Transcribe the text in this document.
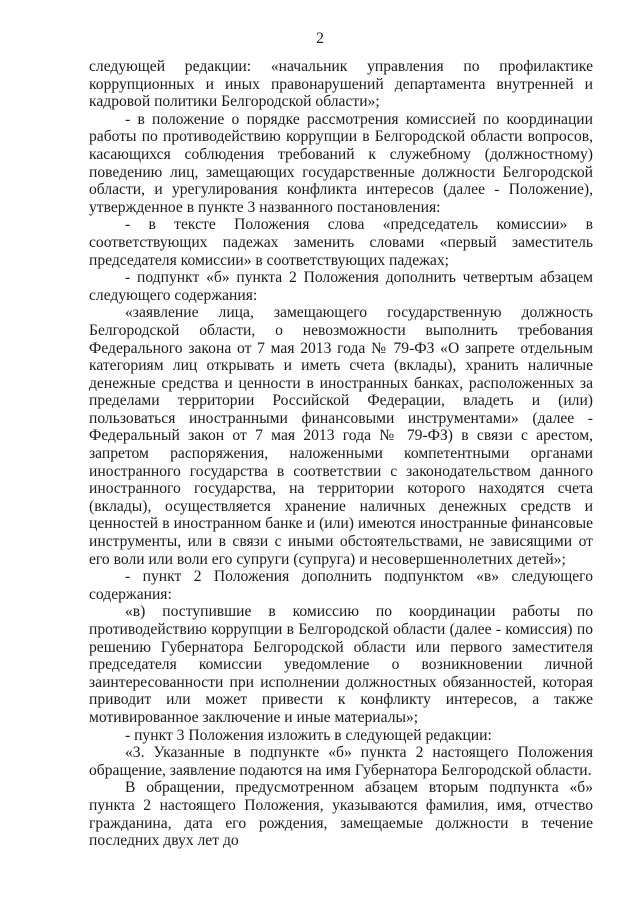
2

следующей редакции: «начальник управления по профилактике коррупционных и иных правонарушений департамента внутренней и кадровой политики Белгородской области»;

- в положение о порядке рассмотрения комиссией по координации работы по противодействию коррупции в Белгородской области вопросов, касающихся соблюдения требований к служебному (должностному) поведению лиц, замещающих государственные должности Белгородской области, и урегулирования конфликта интересов (далее - Положение), утвержденное в пункте 3 названного постановления:

- в тексте Положения слова «председатель комиссии» в соответствующих падежах заменить словами «первый заместитель председателя комиссии» в соответствующих падежах;

- подпункт «б» пункта 2 Положения дополнить четвертым абзацем следующего содержания:

«заявление лица, замещающего государственную должность Белгородской области, о невозможности выполнить требования Федерального закона от 7 мая 2013 года № 79-ФЗ «О запрете отдельным категориям лиц открывать и иметь счета (вклады), хранить наличные денежные средства и ценности в иностранных банках, расположенных за пределами территории Российской Федерации, владеть и (или) пользоваться иностранными финансовыми инструментами» (далее - Федеральный закон от 7 мая 2013 года № 79-ФЗ) в связи с арестом, запретом распоряжения, наложенными компетентными органами иностранного государства в соответствии с законодательством данного иностранного государства, на территории которого находятся счета (вклады), осуществляется хранение наличных денежных средств и ценностей в иностранном банке и (или) имеются иностранные финансовые инструменты, или в связи с иными обстоятельствами, не зависящими от его воли или воли его супруги (супруга) и несовершеннолетних детей»;

- пункт 2 Положения дополнить подпунктом «в» следующего содержания:

«в) поступившие в комиссию по координации работы по противодействию коррупции в Белгородской области (далее - комиссия) по решению Губернатора Белгородской области или первого заместителя председателя комиссии уведомление о возникновении личной заинтересованности при исполнении должностных обязанностей, которая приводит или может привести к конфликту интересов, а также мотивированное заключение и иные материалы»;

- пункт 3 Положения изложить в следующей редакции:

«3. Указанные в подпункте «б» пункта 2 настоящего Положения обращение, заявление подаются на имя Губернатора Белгородской области.

В обращении, предусмотренном абзацем вторым подпункта «б» пункта 2 настоящего Положения, указываются фамилия, имя, отчество гражданина, дата его рождения, замещаемые должности в течение последних двух лет до
